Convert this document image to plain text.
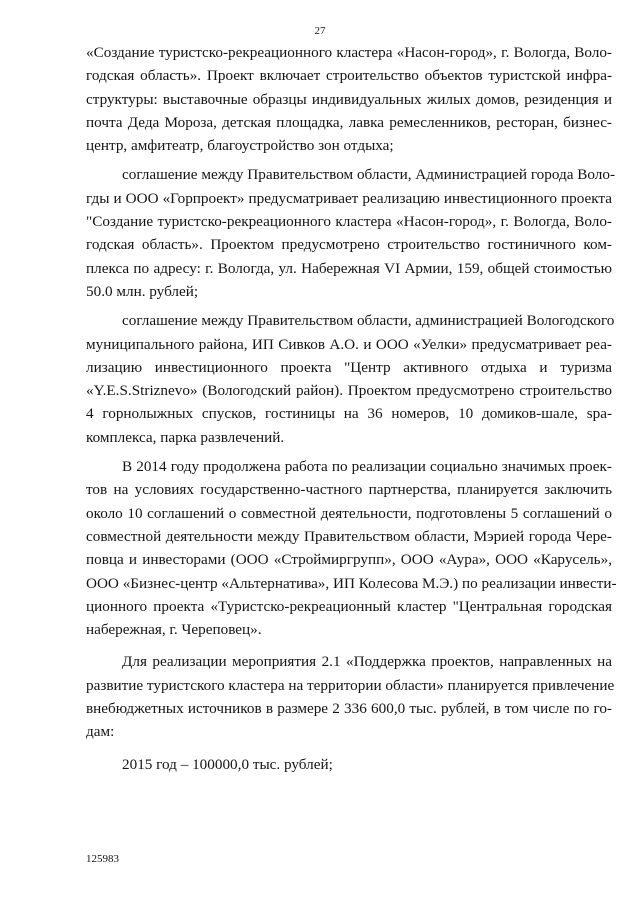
27
«Создание туристско-рекреационного кластера «Насон-город», г. Вологда, Воло-
годская область». Проект включает строительство объектов туристской инфра-
структуры: выставочные образцы индивидуальных жилых домов, резиденция и
почта Деда Мороза, детская площадка, лавка ремесленников, ресторан, бизнес-
центр, амфитеатр, благоустройство зон отдыха;
соглашение между Правительством области, Администрацией города Воло-
гды и ООО «Горпроект» предусматривает реализацию инвестиционного проекта
"Создание туристско-рекреационного кластера «Насон-город», г. Вологда, Воло-
годская область». Проектом предусмотрено строительство гостиничного ком-
плекса по адресу: г. Вологда, ул. Набережная VI Армии, 159, общей стоимостью
50.0 млн. рублей;
соглашение между Правительством области, администрацией Вологодского
муниципального района, ИП Сивков А.О. и ООО «Уелки» предусматривает реа-
лизацию инвестиционного проекта "Центр активного отдыха и туризма
«Y.E.S.Striznevo» (Вологодский район). Проектом предусмотрено строительство
4 горнолыжных спусков, гостиницы на 36 номеров, 10 домиков-шале, spa-
комплекса, парка развлечений.
В 2014 году продолжена работа по реализации социально значимых проек-
тов на условиях государственно-частного партнерства, планируется заключить
около 10 соглашений о совместной деятельности, подготовлены 5 соглашений о
совместной деятельности между Правительством области, Мэрией города Чере-
повца и инвесторами (ООО «Строймиргрупп», ООО «Аура», ООО «Карусель»,
ООО «Бизнес-центр «Альтернатива», ИП Колесова М.Э.) по реализации инвести-
ционного проекта «Туристско-рекреационный кластер "Центральная городская
набережная, г. Череповец».
Для реализации мероприятия 2.1 «Поддержка проектов, направленных на
развитие туристского кластера на территории области» планируется привлечение
внебюджетных источников в размере 2 336 600,0 тыс. рублей, в том числе по го-
дам:
2015 год – 100000,0 тыс. рублей;
125983
